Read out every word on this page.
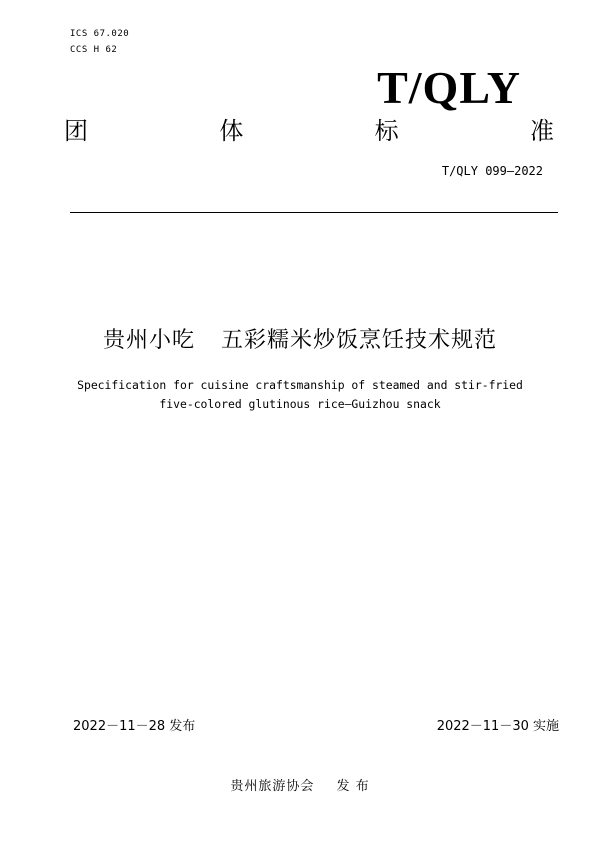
ICS 67.020
CCS H 62
T/QLY
团	体	标	准
T/QLY 099—2022
贵州小吃 五彩糯米炒饭烹饪技术规范
Specification for cuisine craftsmanship of steamed and stir-fried
five-colored glutinous rice—Guizhou snack
2022－11－28 发布	2022－11－30 实施
贵州旅游协会 发 布
